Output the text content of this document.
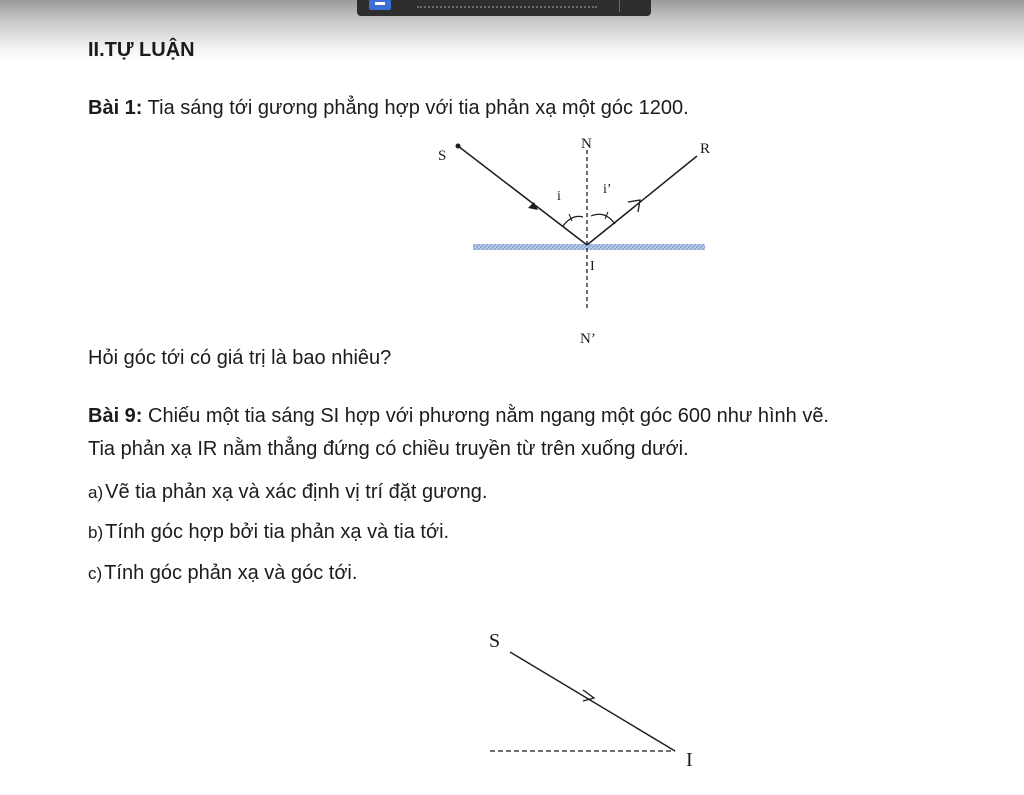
II.TỰ LUẬN
Bài 1: Tia sáng tới gương phẳng hợp với tia phản xạ một góc 1200.
S
N	R
i	i’
I
N’
Hỏi góc tới có giá trị là bao nhiêu?
Bài 9: Chiếu một tia sáng SI hợp với phương nằm ngang một góc 600 như hình vẽ.
Tia phản xạ IR nằm thẳng đứng có chiều truyền từ trên xuống dưới.
a) Vẽ tia phản xạ và xác định vị trí đặt gương.
b) Tính góc hợp bởi tia phản xạ và tia tới.
c) Tính góc phản xạ và góc tới.
S
I
